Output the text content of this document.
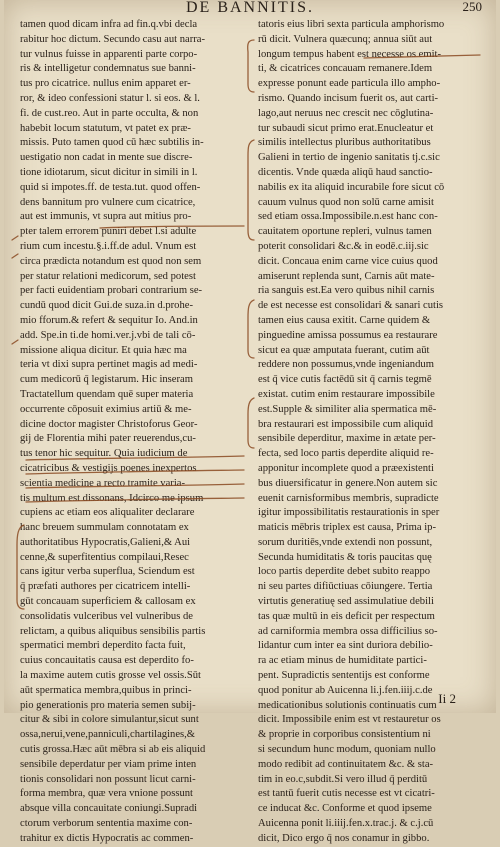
DE BANNITIS.	250
tamen quod dicam infra ad fin.q.vbi decla
rabitur hoc dictum. Secundo casu aut narra-
tur vulnus fuisse in apparenti parte corpo-
ris & intelligetur condemnatus sue banni-
tus pro cicatrice. nullus enim apparet er-
ror, & ideo confessioni statur l. si eos. & l.
fi. de cust.reo. Aut in parte occulta, & non
habebit locum statutum, vt patet ex præ-
missis. Puto tamen quod cū hæc subtilis in-
uestigatio non cadat in mente sue discre-
tione idiotarum, sicut dicitur in simili in l.
quid si impotes.ff. de testa.tut. quod offen-
dens bannitum pro vulnere cum cicatrice,
aut est immunis, vt supra aut mitius pro-
pter talem errorem puniri debet l.si adulte
rium cum incestu.§.i.ff.de adul. Vnum est
circa prædicta notandum est quod non sem
per statur relationi medicorum, sed potest
per facti euidentiam probari contrarium se-
cundū quod dicit Gui.de suza.in d.prohe-
mio fforum.& refert & sequitur Io. And.in
add. Spe.in ti.de homi.ver.j.vbi de tali cō-
missione aliqua dicitur. Et quia hæc ma
teria vt dixi supra pertinet magis ad medi-
cum medicorū q̄ legistarum. Hic inseram
Tractatellum quendam quē super materia
occurrente cōposuit eximius artiū & me-
dicine doctor magister Christoforus Geor-
gij de Florentia mihi pater reuerendus,cu-
tus tenor hic sequitur. Quia iudicium de
cicatricibus & vestigijs poenes inexpertos
scientia medicine a recto tramite varia-
tis multum est dissonans, Idcirco me ipsum
cupiens ac etiam eos aliqualiter declarare
hanc breuem summulam connotatam ex
authoritatibus Hypocratis,Galieni,& Aui
cenne,& superfitentius compilaui,Resec
cans igitur verba superflua, Sciendum est
q̄ præfati authores per cicatricem intelli-
gūt concauam superficiem & callosam ex
consolidatis vulceribus vel vulneribus de
relictam, a quibus aliquibus sensibilis partis
spermatici membri deperdito facta fuit,
cuius concauitatis causa est deperdito fo-
la maxime autem cutis grosse vel ossis.Sūt
aūt spermatica membra,quibus in princi-
pio generationis pro materia semen subij-
citur & sibi in colore simulantur,sicut sunt
ossa,nerui,vene,panniculi,chartilagines,&
cutis grossa.Hæc aūt mēbra si ab eis aliquid
sensibile deperdatur per viam prime inten
tionis consolidari non possunt licut carni-
forma membra, quæ vera vnione possunt
absque villa concauitate coniungi.Supradi
ctorum verborum sententia maxime con-
trahitur ex dictis Hypocratis ac commen-
tatoris eius libri sexta particula amphorismo
rū dicit. Vulnera quæcunq; annua siūt aut
longum tempus habent est necesse os emit-
ti, & cicatrices concauam remanere.Idem
expresse ponunt eade particula illo ampho-
rismo. Quando incisum fuerit os, aut carti-
lago,aut neruus nec crescit nec cōglutina-
tur subaudi sicut primo erat.Enucleatur et
similis intellectus pluribus authoritatibus
Galieni in tertio de ingenio sanitatis tj.c.sic
dicentis. Vnde quæda aliqū haud sanctio-
nabilis ex ita aliquid incurabile fore sicut cō
cauum vulnus quod non solū carne amisit
sed etiam ossa.Impossibile.n.est hanc con-
cauitatem oportune repleri, vulnus tamen
poterit consolidari &c.& in eodē.c.iij.sic
dicit. Concaua enim carne vice cuius quod
amiserunt replenda sunt, Carnis aūt mate-
ria sanguis est.Ea vero quibus nihil carnis
de est necesse est consolidari & sanari cutis
tamen eius causa exitit. Carne quidem &
pinguedine amissa possumus ea restaurare
sicut ea quæ amputata fuerant, cutim aūt
reddere non possumus,vnde ingeniandum
est q̄ vice cutis factēdū sit q̄ carnis tegmē
existat. cutim enim restaurare impossibile
est.Supple & similiter alia spermatica mē-
bra restaurari est impossibile cum aliquid
sensibile deperditur, maxime in ætate per-
fecta, sed loco partis deperdite aliquid re-
apponitur incomplete quod a præexistenti
bus diuersificatur in genere.Non autem sic
euenit carnisformibus membris, supradicte
igitur impossibilitatis restaurationis in sper
maticis mēbris triplex est causa, Prima ip-
sorum duritiēs,vnde extendi non possunt,
Secunda humiditatis & toris paucitas quę
loco partis deperdite debet subito reappo
ni seu partes difiūctiuas cōiungere. Tertia
virtutis generatiuę sed assimulatiue debili
tas quæ multū in eis deficit per respectum
ad carniformia membra ossa difficilius so-
lidantur cum inter ea sint duriora debilio-
ra ac etiam minus de humiditate partici-
pent. Supradictis sententijs est conforme
quod ponitur ab Auicenna li.j.fen.iiij.c.de
medicationibus solutionis continuatis cum
dicit. Impossibile enim est vt restauretur os
& proprie in corporibus consistentium ni
si secundum hunc modum, quoniam nullo
modo redibit ad continuitatem &c. & sta-
tim in eo.c,subdit.Si vero illud q̄ perditū
est tantū fuerit cutis necesse est vt cicatri-
ce inducat &c. Conforme et quod ipseme
Auicenna ponit li.iiij.fen.x.trac.j. & c.j.cū
dicit, Dico ergo q̄ nos conamur in gibbo.
Ii 2
